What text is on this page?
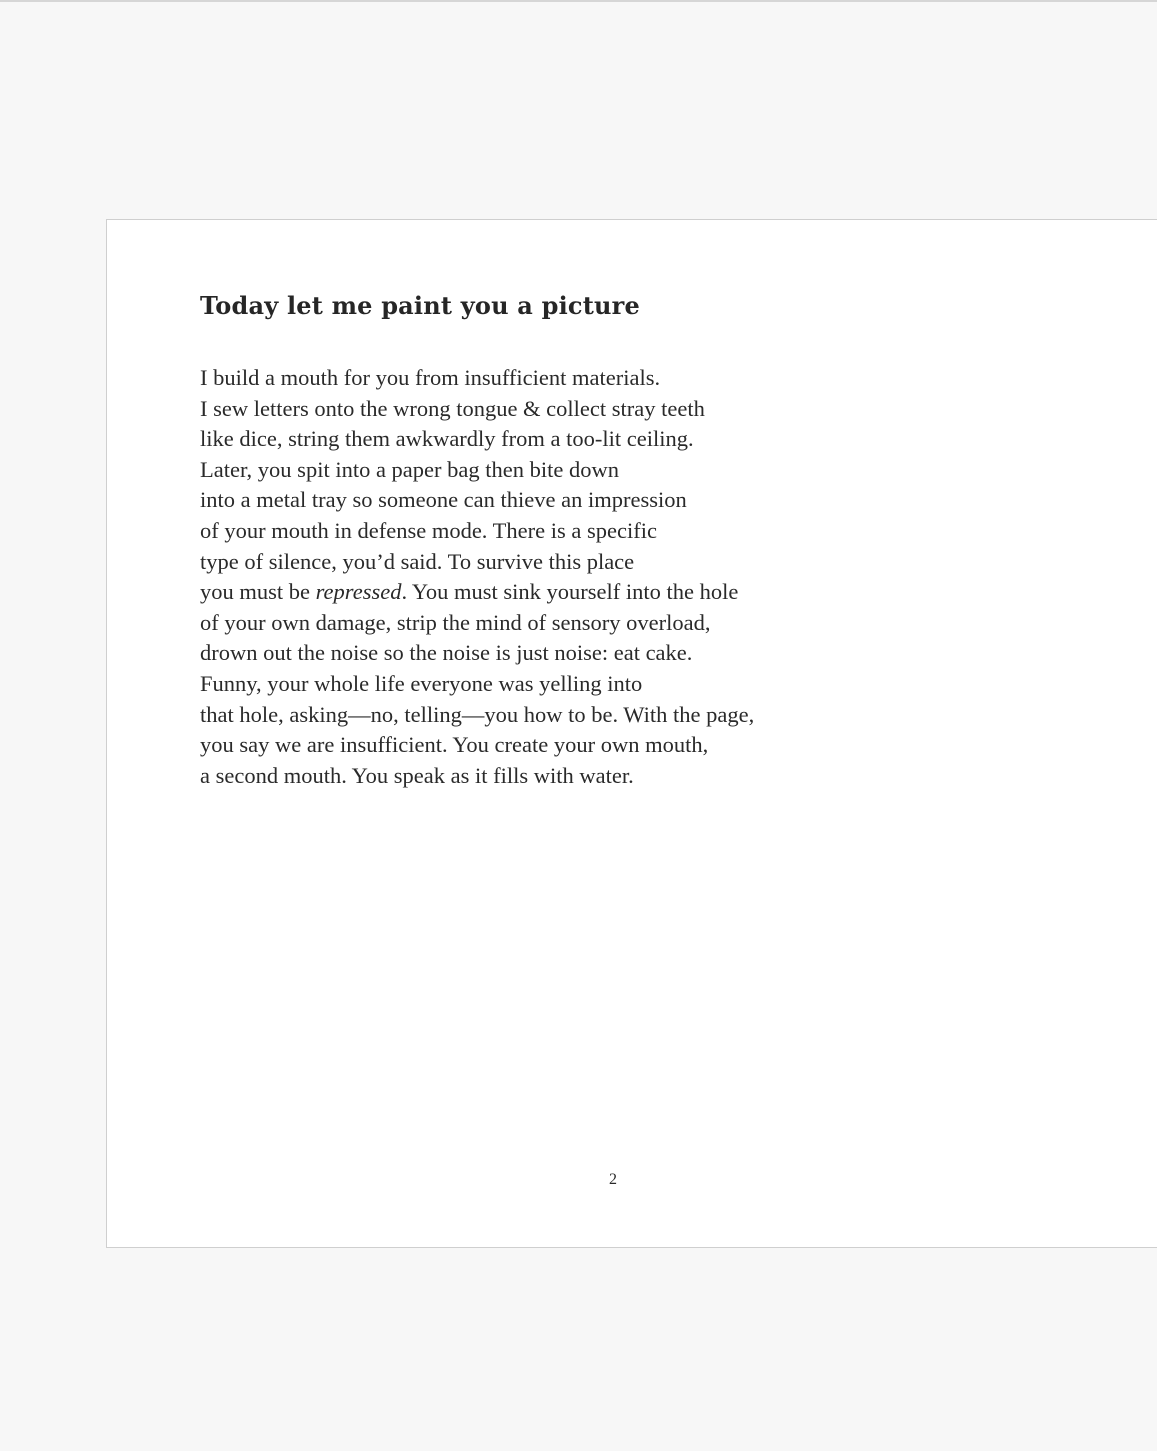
Today let me paint you a picture
I build a mouth for you from insufficient materials.
I sew letters onto the wrong tongue & collect stray teeth
like dice, string them awkwardly from a too-lit ceiling.
Later, you spit into a paper bag then bite down
into a metal tray so someone can thieve an impression
of your mouth in defense mode. There is a specific
type of silence, you’d said. To survive this place
you must be repressed. You must sink yourself into the hole
of your own damage, strip the mind of sensory overload,
drown out the noise so the noise is just noise: eat cake.
Funny, your whole life everyone was yelling into
that hole, asking—no, telling—you how to be. With the page,
you say we are insufficient. You create your own mouth,
a second mouth. You speak as it fills with water.
2
